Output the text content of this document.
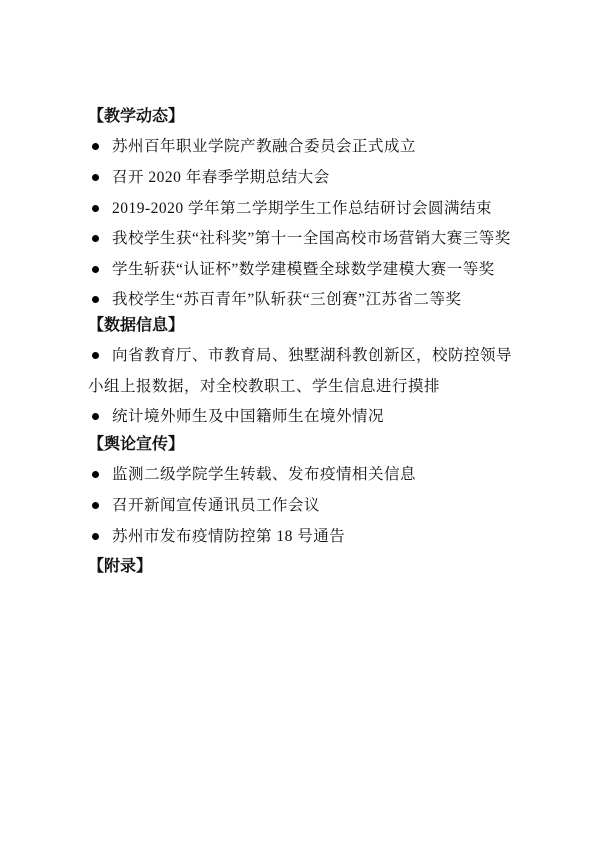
【教学动态】

苏州百年职业学院产教融合委员会正式成立

召开 2020 年春季学期总结大会

2019-2020 学年第二学期学生工作总结研讨会圆满结束

我校学生获“社科奖”第十一全国高校市场营销大赛三等奖

学生斩获“认证杯”数学建模暨全球数学建模大赛一等奖

我校学生“苏百青年”队斩获“三创赛”江苏省二等奖

【数据信息】

向省教育厅、市教育局、独墅湖科教创新区，校防控领导小组上报数据，对全校教职工、学生信息进行摸排

统计境外师生及中国籍师生在境外情况

【舆论宣传】

监测二级学院学生转载、发布疫情相关信息

召开新闻宣传通讯员工作会议

苏州市发布疫情防控第 18 号通告

【附录】
